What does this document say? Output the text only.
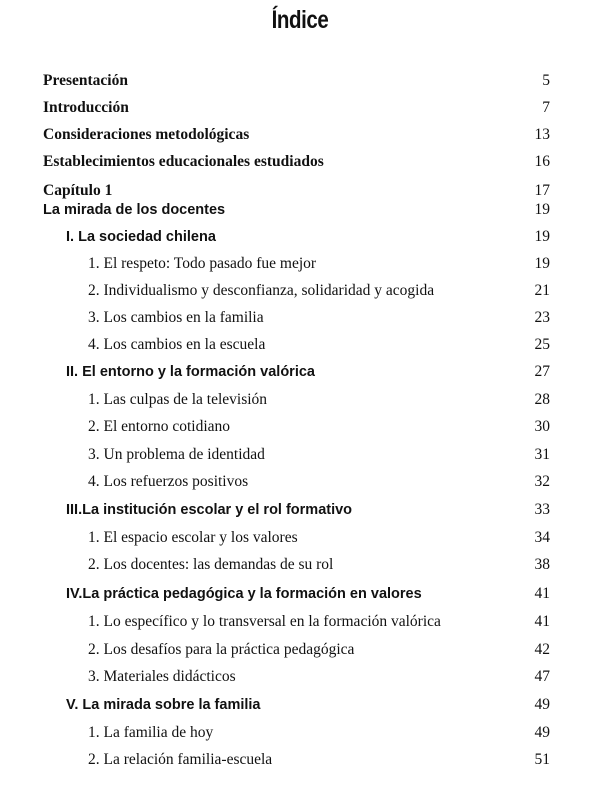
Índice
Presentación	5
Introducción	7
Consideraciones metodológicas	13
Establecimientos educacionales estudiados	16
Capítulo 1	17
La mirada de los docentes	19
I. La sociedad chilena	19
1. El respeto: Todo pasado fue mejor	19
2. Individualismo y desconfianza, solidaridad y acogida	21
3. Los cambios en la familia	23
4. Los cambios en la escuela	25
II. El entorno y la formación valórica	27
1. Las culpas de la televisión	28
2. El entorno cotidiano	30
3. Un problema de identidad	31
4. Los refuerzos positivos	32
III.La institución escolar y el rol formativo	33
1. El espacio escolar y los valores	34
2. Los docentes: las demandas de su rol	38
IV.La práctica pedagógica y la formación en valores	41
1. Lo específico y lo transversal en la formación valórica	41
2. Los desafíos para la práctica pedagógica	42
3. Materiales didácticos	47
V. La mirada sobre la familia	49
1. La familia de hoy	49
2. La relación familia-escuela	51
